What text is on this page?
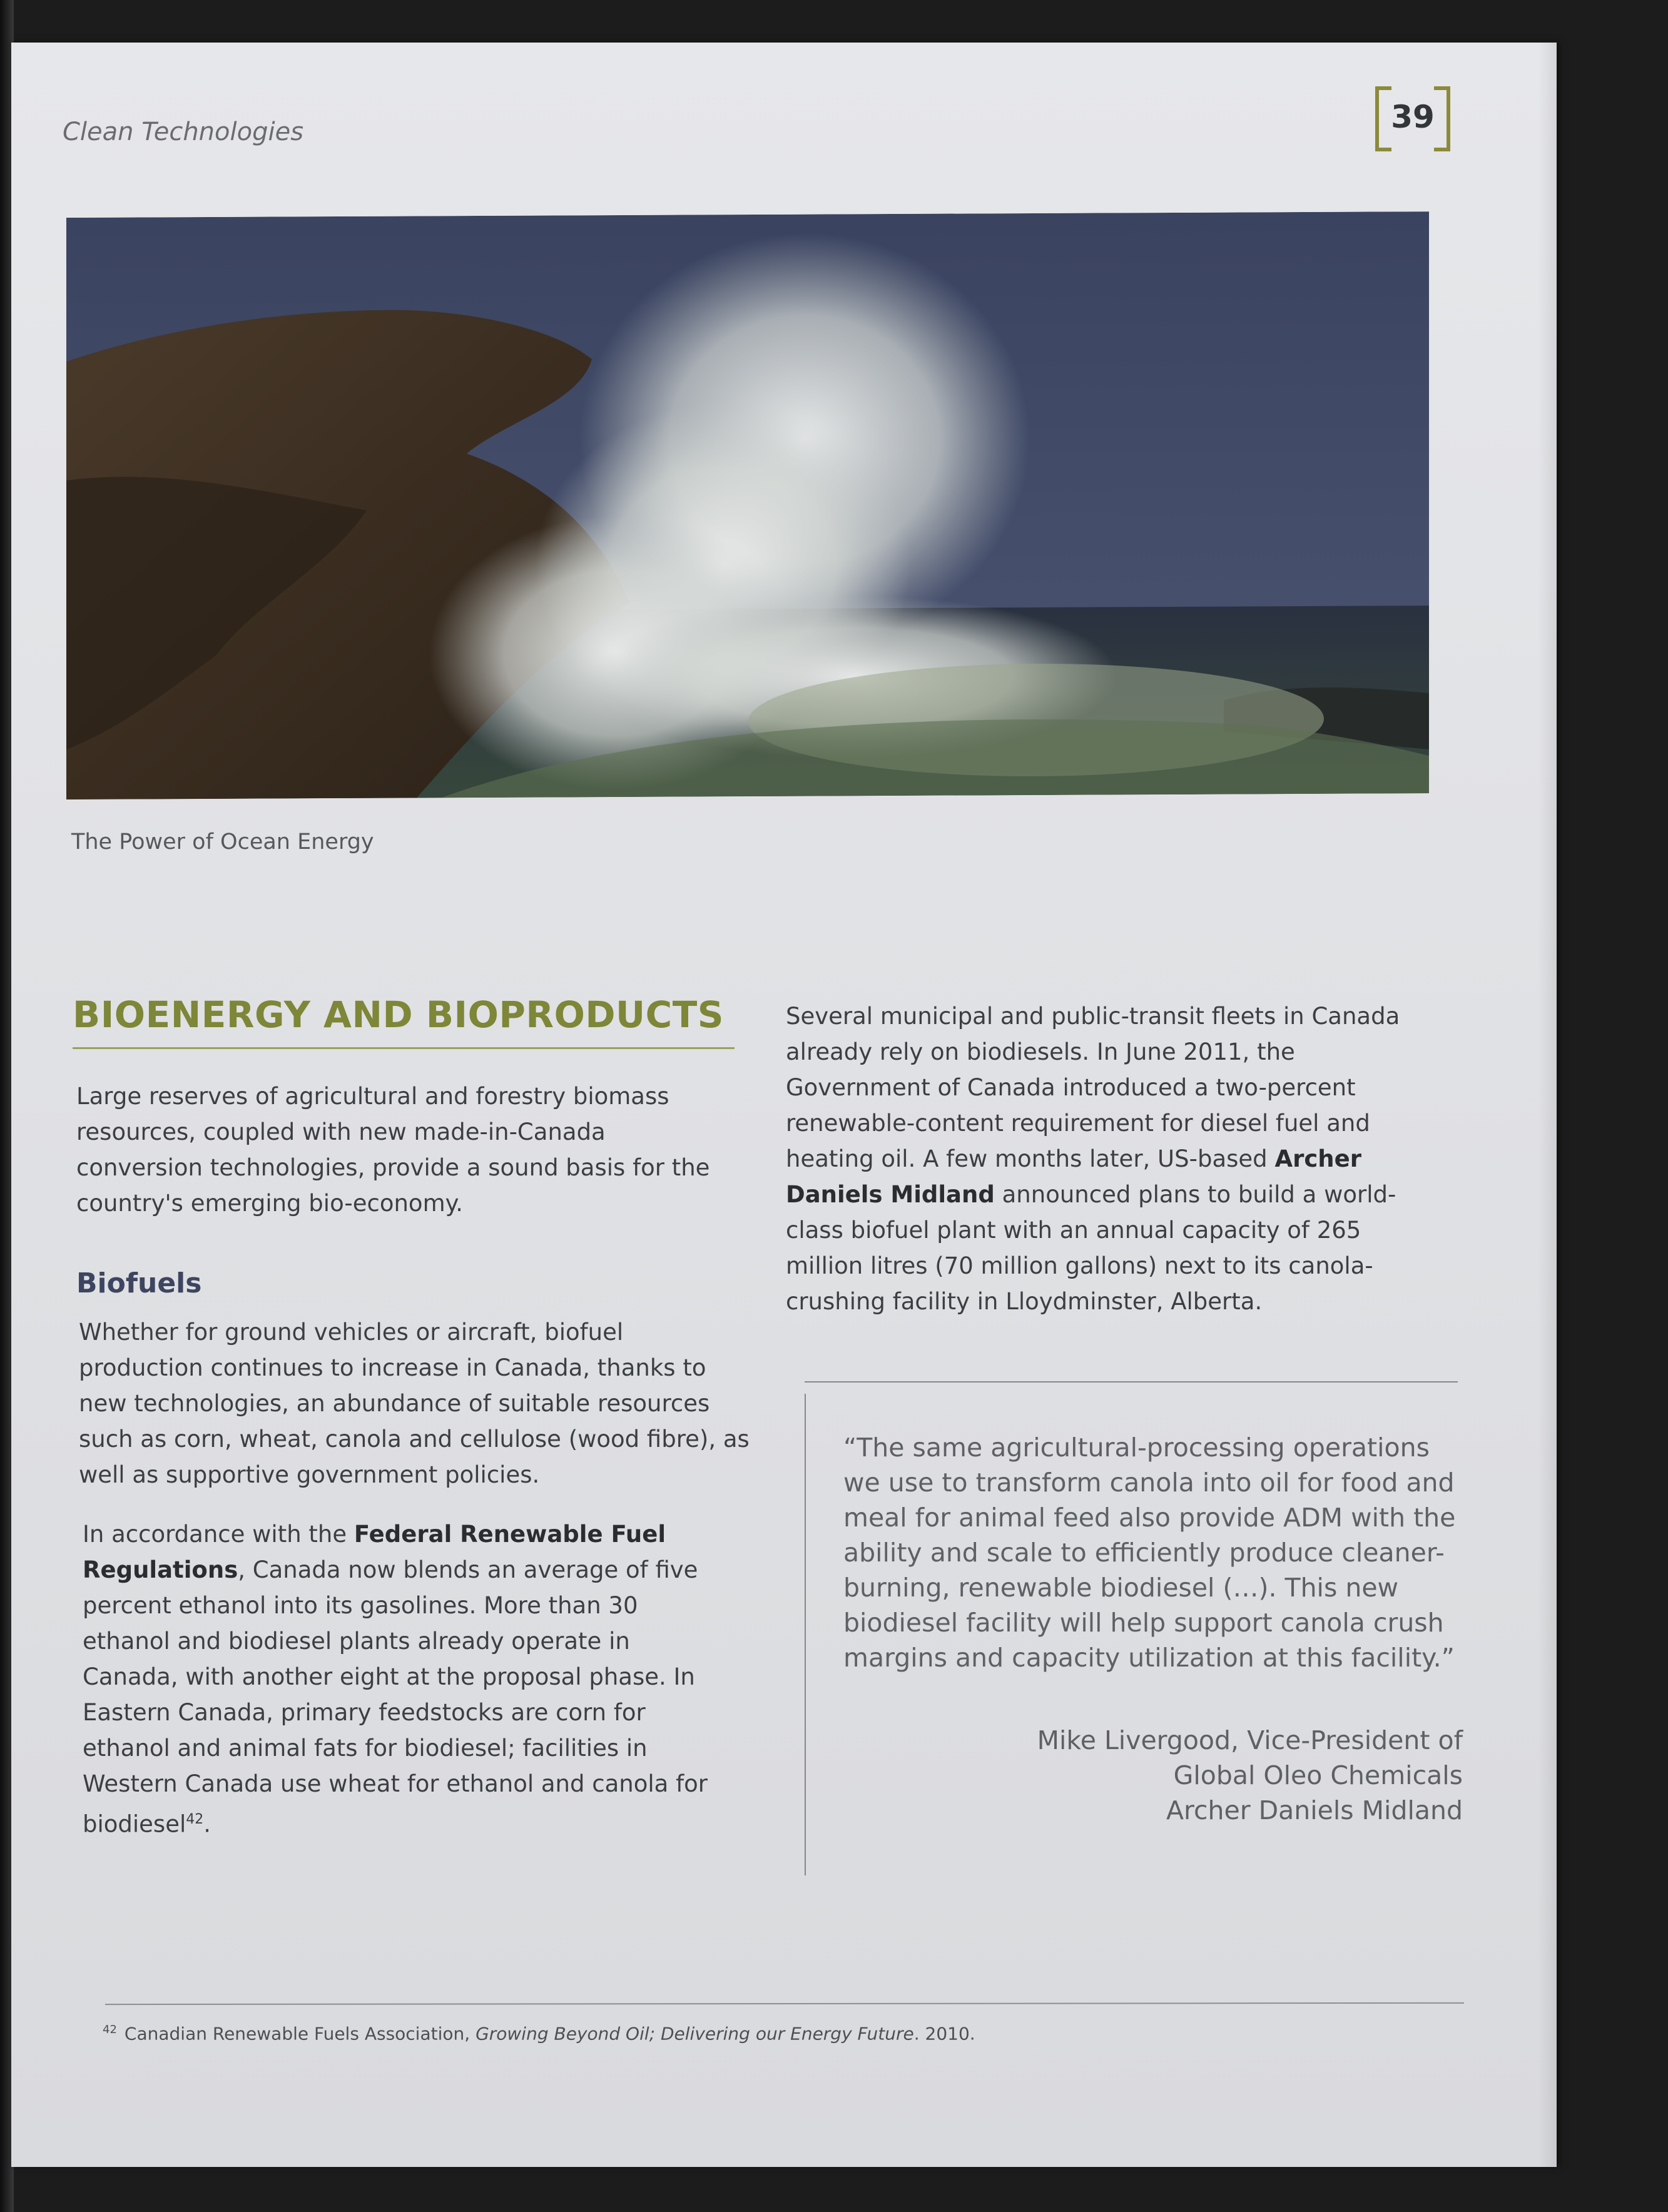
Clean Technologies	39
The Power of Ocean Energy
BIOENERGY AND BIOPRODUCTS

Large reserves of agricultural and forestry biomass resources, coupled with new made-in-Canada conversion technologies, provide a sound basis for the country's emerging bio-economy.

Biofuels

Whether for ground vehicles or aircraft, biofuel production continues to increase in Canada, thanks to new technologies, an abundance of suitable resources such as corn, wheat, canola and cellulose (wood fibre), as well as supportive government policies.

In accordance with the Federal Renewable Fuel Regulations, Canada now blends an average of five percent ethanol into its gasolines. More than 30 ethanol and biodiesel plants already operate in Canada, with another eight at the proposal phase. In Eastern Canada, primary feedstocks are corn for ethanol and animal fats for biodiesel; facilities in Western Canada use wheat for ethanol and canola for biodiesel$^{42}$.

Several municipal and public-transit fleets in Canada already rely on biodiesels. In June 2011, the Government of Canada introduced a two-percent renewable-content requirement for diesel fuel and heating oil. A few months later, US-based Archer Daniels Midland announced plans to build a world-class biofuel plant with an annual capacity of 265 million litres (70 million gallons) next to its canola-crushing facility in Lloydminster, Alberta.

“The same agricultural-processing operations we use to transform canola into oil for food and meal for animal feed also provide ADM with the ability and scale to efficiently produce cleaner-burning, renewable biodiesel (…). This new biodiesel facility will help support canola crush margins and capacity utilization at this facility.”

Mike Livergood, Vice-President of
Global Oleo Chemicals
Archer Daniels Midland
$^{42}$ Canadian Renewable Fuels Association, Growing Beyond Oil; Delivering our Energy Future. 2010.
